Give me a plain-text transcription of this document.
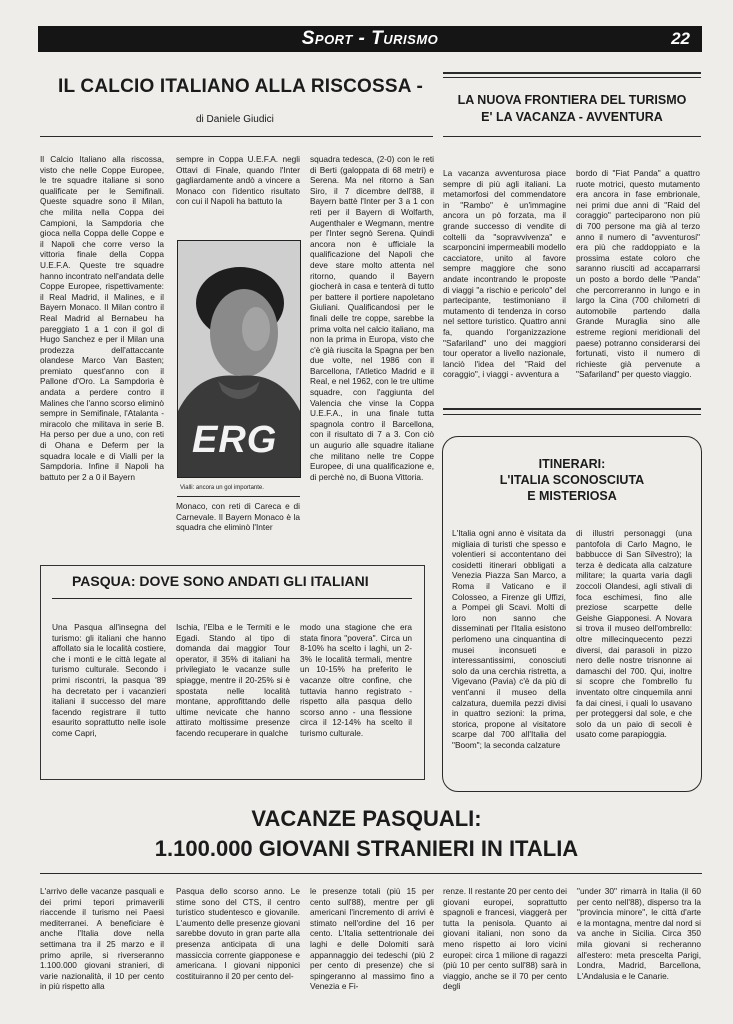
Sport - Turismo	22
IL CALCIO ITALIANO ALLA RISCOSSA -
di Daniele Giudici

Il Calcio Italiano alla riscossa, visto che nelle Coppe Europee, le tre squadre italiane si sono qualificate per le Semifinali. Queste squadre sono il Milan, che milita nella Coppa dei Campioni, la Sampdoria che gioca nella Coppa delle Coppe e il Napoli che corre verso la vittoria finale della Coppa U.E.F.A. Queste tre squadre hanno incontrato nell'andata delle Coppe Europee, rispettivamente: il Real Madrid, il Malines, e il Bayern Monaco. Il Milan contro il Real Madrid al Bernabeu ha pareggiato 1 a 1 con il gol di Hugo Sanchez e per il Milan una prodezza dell'attaccante olandese Marco Van Basten; premiato quest'anno con il Pallone d'Oro. La Sampdoria è andata a perdere contro il Malines che l'anno scorso eliminò sempre in Semifinale, l'Atalanta - miracolo che militava in serie B. Ha perso per due a uno, con reti di Ohana e Deferm per la squadra locale e di Vialli per la Sampdoria. Infine il Napoli ha battuto per 2 a 0 il Bayern

sempre in Coppa U.E.F.A. negli Ottavi di Finale, quando l'Inter gagliardamente andò a vincere a Monaco con l'identico risultato con cui il Napoli ha battuto la

ERG
Vialli: ancora un gol importante.

Monaco, con reti di Careca e di Carnevale. Il Bayern Monaco è la squadra che eliminò l'Inter

squadra tedesca, (2-0) con le reti di Berti (galoppata di 68 metri) e Serena. Ma nel ritorno a San Siro, il 7 dicembre dell'88, il Bayern battè l'Inter per 3 a 1 con reti per il Bayern di Wolfarth, Augenthaler e Wegmann, mentre per l'Inter segnò Serena. Quindi ancora non è ufficiale la qualificazione del Napoli che deve stare molto attenta nel ritorno, quando il Bayern giocherà in casa e tenterà di tutto per battere il portiere napoletano Giuliani. Qualificandosi per le finali delle tre coppe, sarebbe la prima volta nel calcio italiano, ma non la prima in Europa, visto che c'è già riuscita la Spagna per ben due volte, nel 1986 con il Barcellona, l'Atletico Madrid e il Real, e nel 1962, con le tre ultime squadre, con l'aggiunta del Valencia che vinse la Coppa U.E.F.A., in una finale tutta spagnola contro il Barcellona, con il risultato di 7 a 3. Con ciò un augurio alle squadre italiane che militano nelle tre Coppe Europee, di una qualificazione e, di perchè no, di Buona Vittoria.

LA NUOVA FRONTIERA DEL TURISMO
E' LA VACANZA - AVVENTURA

La vacanza avventurosa piace sempre di più agli italiani. La metamorfosi del commendatore in "Rambo" è un'immagine ancora un pò forzata, ma il grande successo di vendite di coltelli da "sopravvivenza" e scarponcini impermeabili modello cacciatore, unito al favore sempre maggiore che sono andate incontrando le proposte di viaggi "a rischio e pericolo" del partecipante, testimoniano il mutamento di tendenza in corso nel settore turistico. Quattro anni fa, quando l'organizzazione "Safariland" uno dei maggiori tour operator a livello nazionale, lanciò l'idea del "Raid del coraggio", i viaggi - avventura a

bordo di "Fiat Panda" a quattro ruote motrici, questo mutamento era ancora in fase embrionale, nei primi due anni di "Raid del coraggio" parteciparono non più di 700 persone ma già al terzo anno il numero di "avventurosi" era più che raddoppiato e la prossima estate coloro che saranno riusciti ad accaparrarsi un posto a bordo delle "Panda" che percorreranno in lungo e in largo la Cina (700 chilometri di automobile partendo dalla Grande Muraglia sino alle estreme regioni meridionali del paese) potranno considerarsi dei fortunati, visto il numero di richieste già pervenute a "Safariland" per questo viaggio.

ITINERARI:
L'ITALIA SCONOSCIUTA
E MISTERIOSA

L'Italia ogni anno è visitata da migliaia di turisti che spesso e volentieri si accontentano dei cosidetti itinerari obbligati a Venezia Piazza San Marco, a Roma il Vaticano e il Colosseo, a Firenze gli Uffizi, a Pompei gli Scavi. Molti di loro non sanno che disseminati per l'Italia esistono perlomeno una cinquantina di musei inconsueti e interessantissimi, conosciuti solo da una cerchia ristretta, a Vigevano (Pavia) c'è da più di vent'anni il museo della calzatura, duemila pezzi divisi in quattro sezioni: la prima, storica, propone al visitatore scarpe dal 700 all'Italia del "Boom"; la seconda calzature

di illustri personaggi (una pantofola di Carlo Magno, le babbucce di San Silvestro); la terza è dedicata alla calzature militare; la quarta varia dagli zoccoli Olandesi, agli stivali di foca eschimesi, fino alle preziose scarpette delle Geishe Giapponesi. A Novara si trova il museo dell'ombrello: oltre millecinquecento pezzi diversi, dai parasoli in pizzo nero delle nostre trisnonne ai damaschi del 700. Qui, inoltre si scopre che l'ombrello fu inventato oltre cinquemila anni fa dai cinesi, i quali lo usavano per proteggersi dal sole, e che solo da un paio di secoli è usato come parapioggia.

PASQUA: DOVE SONO ANDATI GLI ITALIANI

Una Pasqua all'insegna del turismo: gli italiani che hanno affollato sia le località costiere, che i monti e le città legate al turismo culturale. Secondo i primi riscontri, la pasqua '89 ha decretato per i vacanzieri italiani il successo del mare facendo registrare il tutto esaurito soprattutto nelle isole come Capri,

Ischia, l'Elba e le Termiti e le Egadi. Stando al tipo di domanda dai maggior Tour operator, il 35% di italiani ha privilegiato le vacanze sulle spiagge, mentre il 20-25% si è spostata nelle località montane, approfittando delle ultime nevicate che hanno attirato moltissime presenze facendo recuperare in qualche

modo una stagione che era stata finora "povera". Circa un 8-10% ha scelto i laghi, un 2-3% le località termali, mentre un 10-15% ha preferito le vacanze oltre confine, che tuttavia hanno registrato - rispetto alla pasqua dello scorso anno - una flessione circa il 12-14% ha scelto il turismo culturale.

VACANZE PASQUALI:
1.100.000 GIOVANI STRANIERI IN ITALIA

L'arrivo delle vacanze pasquali e dei primi tepori primaverili riaccende il turismo nei Paesi mediterranei. A beneficiare è anche l'Italia dove nella settimana tra il 25 marzo e il primo aprile, si riverseranno 1.100.000 giovani stranieri, di varie nazionalità, il 10 per cento in più rispetto alla

Pasqua dello scorso anno. Le stime sono del CTS, il centro turistico studentesco e giovanile. L'aumento delle presenze giovani sarebbe dovuto in gran parte alla presenza anticipata di una massiccia corrente giapponese e americana. I giovani nipponici costituiranno il 20 per cento del-

le presenze totali (più 15 per cento sull'88), mentre per gli americani l'incremento di arrivi è stimato nell'ordine del 16 per cento. L'Italia settentrionale dei laghi e delle Dolomiti sarà appannaggio dei tedeschi (più 2 per cento di presenze) che si spingeranno al massimo fino a Venezia e Fi-

renze. Il restante 20 per cento dei giovani europei, soprattutto spagnoli e francesi, viaggerà per tutta la penisola. Quanto ai giovani italiani, non sono da meno rispetto ai loro vicini europei: circa 1 milione di ragazzi (più 10 per cento sull'88) sarà in viaggio, anche se il 70 per cento degli

"under 30" rimarrà in Italia (il 60 per cento nell'88), disperso tra la "provincia minore", le città d'arte e la montagna, mentre dal nord si va anche in Sicilia. Circa 350 mila giovani si recheranno all'estero: meta prescelta Parigi, Londra, Madrid, Barcellona, L'Andalusia e le Canarie.
